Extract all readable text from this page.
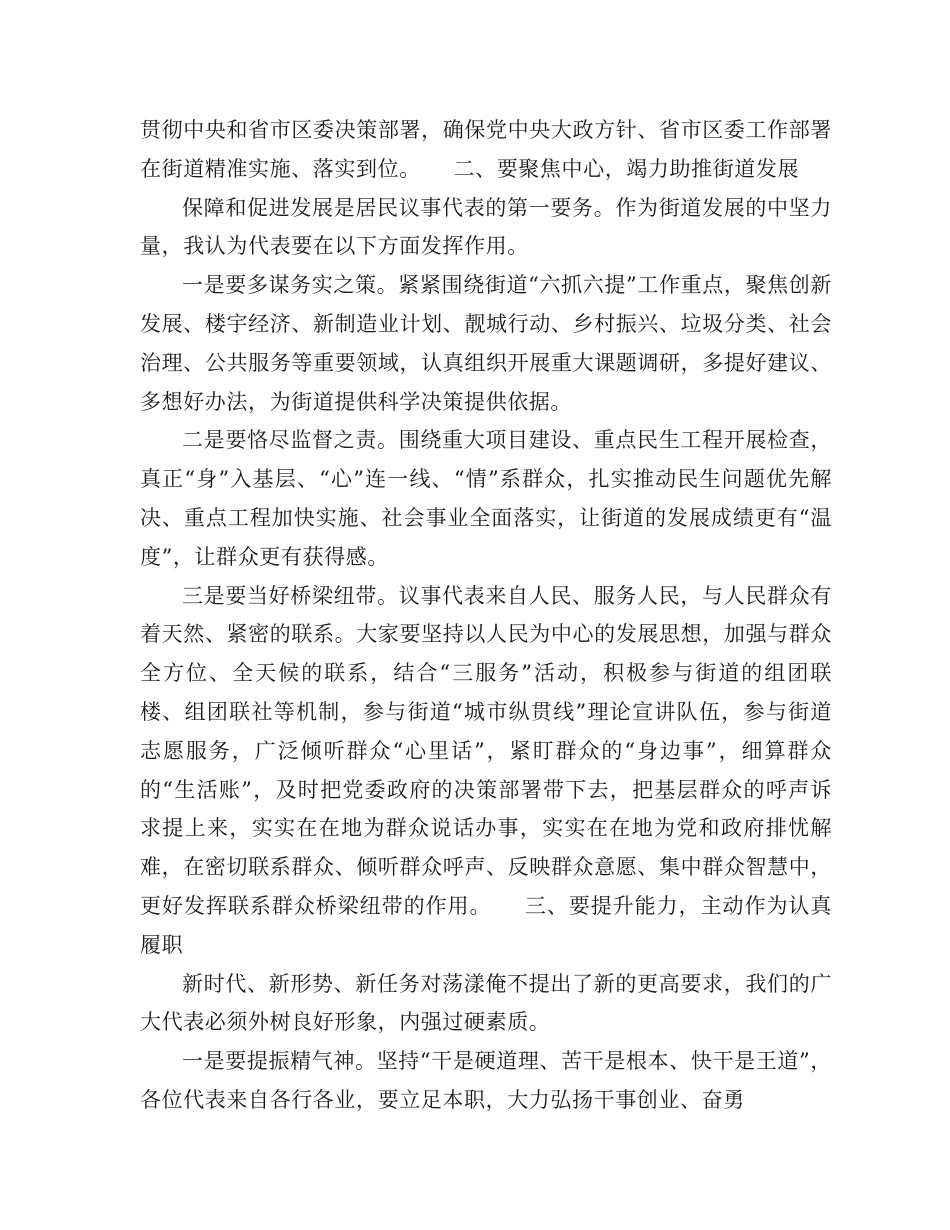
贯彻中央和省市区委决策部署，确保党中央大政方针、省市区委工作部署在街道精准实施、落实到位。　　二、要聚焦中心，竭力助推街道发展

保障和促进发展是居民议事代表的第一要务。作为街道发展的中坚力量，我认为代表要在以下方面发挥作用。

一是要多谋务实之策。紧紧围绕街道“六抓六提”工作重点，聚焦创新发展、楼宇经济、新制造业计划、靓城行动、乡村振兴、垃圾分类、社会治理、公共服务等重要领域，认真组织开展重大课题调研，多提好建议、多想好办法，为街道提供科学决策提供依据。

二是要恪尽监督之责。围绕重大项目建设、重点民生工程开展检查，真正“身”入基层、“心”连一线、“情”系群众，扎实推动民生问题优先解决、重点工程加快实施、社会事业全面落实，让街道的发展成绩更有“温度”，让群众更有获得感。

三是要当好桥梁纽带。议事代表来自人民、服务人民，与人民群众有着天然、紧密的联系。大家要坚持以人民为中心的发展思想，加强与群众全方位、全天候的联系，结合“三服务”活动，积极参与街道的组团联楼、组团联社等机制，参与街道“城市纵贯线”理论宣讲队伍，参与街道志愿服务，广泛倾听群众“心里话”，紧盯群众的“身边事”，细算群众的“生活账”，及时把党委政府的决策部署带下去，把基层群众的呼声诉求提上来，实实在在地为群众说话办事，实实在在地为党和政府排忧解难，在密切联系群众、倾听群众呼声、反映群众意愿、集中群众智慧中，更好发挥联系群众桥梁纽带的作用。　　三、要提升能力，主动作为认真履职

新时代、新形势、新任务对荡漾俺不提出了新的更高要求，我们的广大代表必须外树良好形象，内强过硬素质。

一是要提振精气神。坚持“干是硬道理、苦干是根本、快干是王道”，各位代表来自各行各业，要立足本职，大力弘扬干事创业、奋勇
